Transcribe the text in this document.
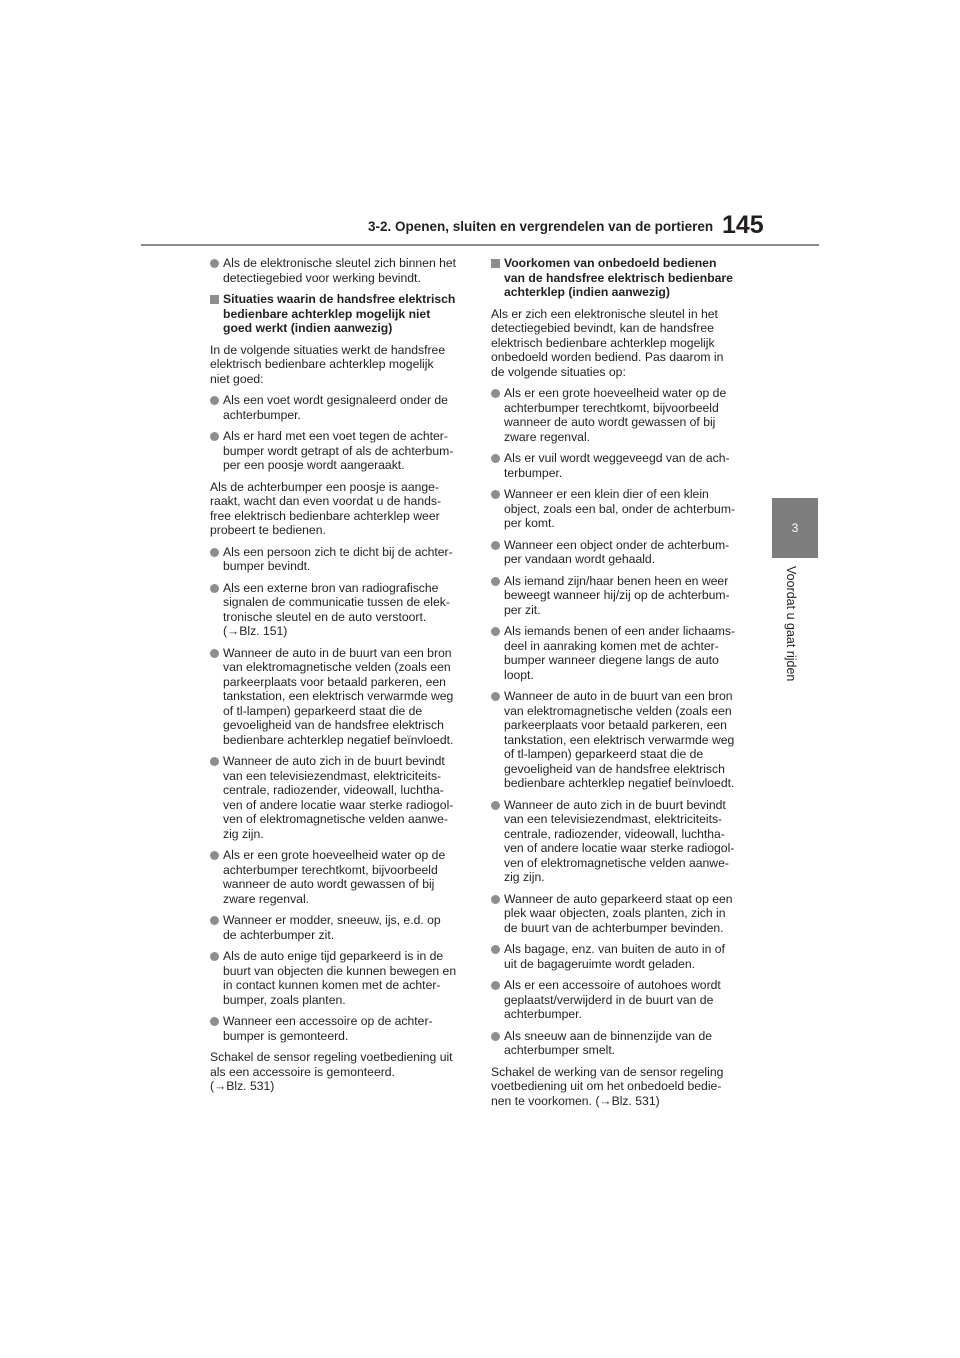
3-2. Openen, sluiten en vergrendelen van de portieren 145
3
Voordat u gaat rijden
Als de elektronische sleutel zich binnen het
detectiegebied voor werking bevindt.
Situaties waarin de handsfree elektrisch
bedienbare achterklep mogelijk niet
goed werkt (indien aanwezig)
In de volgende situaties werkt de handsfree
elektrisch bedienbare achterklep mogelijk
niet goed:
Als een voet wordt gesignaleerd onder de
achterbumper.
Als er hard met een voet tegen de achter-
bumper wordt getrapt of als de achterbum-
per een poosje wordt aangeraakt.
Als de achterbumper een poosje is aange-
raakt, wacht dan even voordat u de hands-
free elektrisch bedienbare achterklep weer
probeert te bedienen.
Als een persoon zich te dicht bij de achter-
bumper bevindt.
Als een externe bron van radiografische
signalen de communicatie tussen de elek-
tronische sleutel en de auto verstoort.
(→Blz. 151)
Wanneer de auto in de buurt van een bron
van elektromagnetische velden (zoals een
parkeerplaats voor betaald parkeren, een
tankstation, een elektrisch verwarmde weg
of tl-lampen) geparkeerd staat die de
gevoeligheid van de handsfree elektrisch
bedienbare achterklep negatief beïnvloedt.
Wanneer de auto zich in de buurt bevindt
van een televisiezendmast, elektriciteits-
centrale, radiozender, videowall, luchtha-
ven of andere locatie waar sterke radiogol-
ven of elektromagnetische velden aanwe-
zig zijn.
Als er een grote hoeveelheid water op de
achterbumper terechtkomt, bijvoorbeeld
wanneer de auto wordt gewassen of bij
zware regenval.
Wanneer er modder, sneeuw, ijs, e.d. op
de achterbumper zit.
Als de auto enige tijd geparkeerd is in de
buurt van objecten die kunnen bewegen en
in contact kunnen komen met de achter-
bumper, zoals planten.
Wanneer een accessoire op de achter-
bumper is gemonteerd.
Schakel de sensor regeling voetbediening uit
als een accessoire is gemonteerd.
(→Blz. 531)
Voorkomen van onbedoeld bedienen
van de handsfree elektrisch bedienbare
achterklep (indien aanwezig)
Als er zich een elektronische sleutel in het
detectiegebied bevindt, kan de handsfree
elektrisch bedienbare achterklep mogelijk
onbedoeld worden bediend. Pas daarom in
de volgende situaties op:
Als er een grote hoeveelheid water op de
achterbumper terechtkomt, bijvoorbeeld
wanneer de auto wordt gewassen of bij
zware regenval.
Als er vuil wordt weggeveegd van de ach-
terbumper.
Wanneer er een klein dier of een klein
object, zoals een bal, onder de achterbum-
per komt.
Wanneer een object onder de achterbum-
per vandaan wordt gehaald.
Als iemand zijn/haar benen heen en weer
beweegt wanneer hij/zij op de achterbum-
per zit.
Als iemands benen of een ander lichaams-
deel in aanraking komen met de achter-
bumper wanneer diegene langs de auto
loopt.
Wanneer de auto in de buurt van een bron
van elektromagnetische velden (zoals een
parkeerplaats voor betaald parkeren, een
tankstation, een elektrisch verwarmde weg
of tl-lampen) geparkeerd staat die de
gevoeligheid van de handsfree elektrisch
bedienbare achterklep negatief beïnvloedt.
Wanneer de auto zich in de buurt bevindt
van een televisiezendmast, elektriciteits-
centrale, radiozender, videowall, luchtha-
ven of andere locatie waar sterke radiogol-
ven of elektromagnetische velden aanwe-
zig zijn.
Wanneer de auto geparkeerd staat op een
plek waar objecten, zoals planten, zich in
de buurt van de achterbumper bevinden.
Als bagage, enz. van buiten de auto in of
uit de bagageruimte wordt geladen.
Als er een accessoire of autohoes wordt
geplaatst/verwijderd in de buurt van de
achterbumper.
Als sneeuw aan de binnenzijde van de
achterbumper smelt.
Schakel de werking van de sensor regeling
voetbediening uit om het onbedoeld bedie-
nen te voorkomen. (→Blz. 531)
